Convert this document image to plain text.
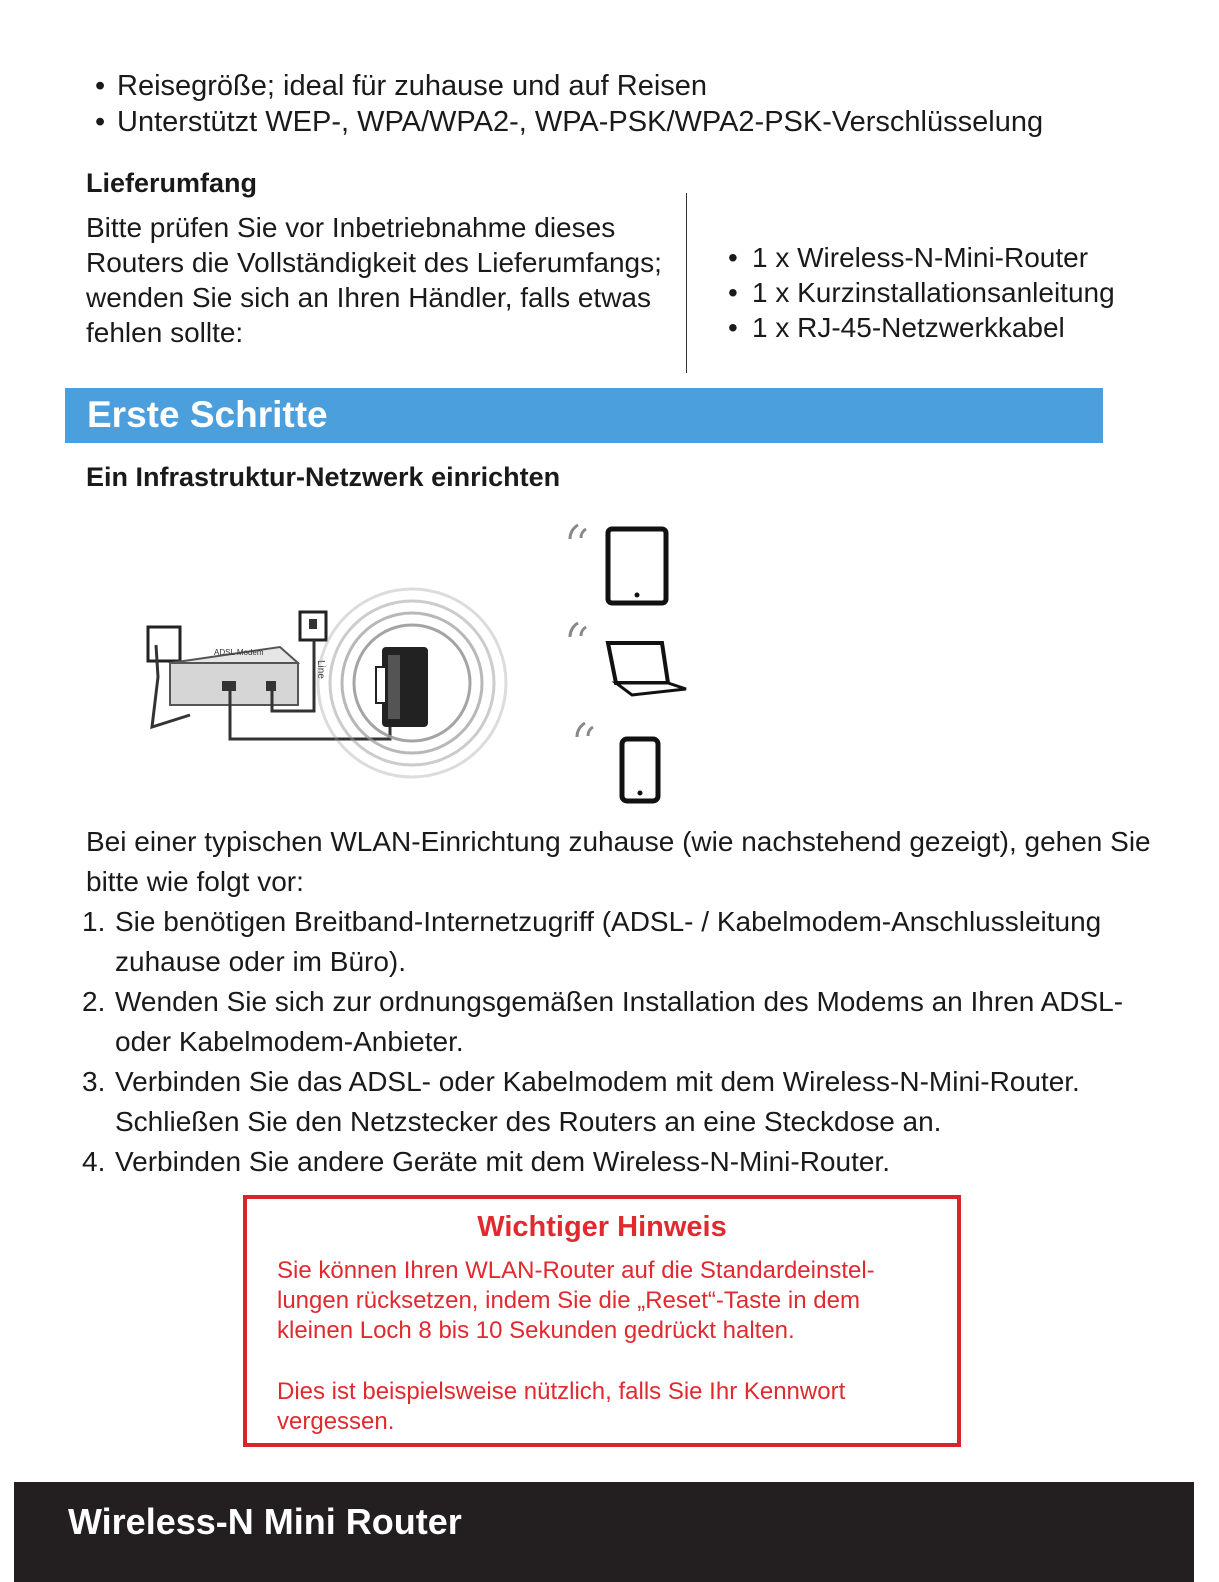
• Reisegröße; ideal für zuhause und auf Reisen
• Unterstützt WEP-, WPA/WPA2-, WPA-PSK/WPA2-PSK-Verschlüsselung
Lieferumfang
Bitte prüfen Sie vor Inbetriebnahme dieses Routers die Vollständigkeit des Lieferumfangs; wenden Sie sich an Ihren Händler, falls etwas fehlen sollte:
• 1 x Wireless-N-Mini-Router
• 1 x Kurzinstallationsanleitung
• 1 x RJ-45-Netzwerkkabel
Erste Schritte
Ein Infrastruktur-Netzwerk einrichten
ADSL Modem
Line
Bei einer typischen WLAN-Einrichtung zuhause (wie nachstehend gezeigt), gehen Sie bitte wie folgt vor:
1. Sie benötigen Breitband-Internetzugriff (ADSL- / Kabelmodem-Anschlussleitung zuhause oder im Büro).
2. Wenden Sie sich zur ordnungsgemäßen Installation des Modems an Ihren ADSL- oder Kabelmodem-Anbieter.
3. Verbinden Sie das ADSL- oder Kabelmodem mit dem Wireless-N-Mini-Router. Schließen Sie den Netzstecker des Routers an eine Steckdose an.
4. Verbinden Sie andere Geräte mit dem Wireless-N-Mini-Router.
Wichtiger Hinweis
Sie können Ihren WLAN-Router auf die Standardeinstel-lungen rücksetzen, indem Sie die „Reset“-Taste in dem kleinen Loch 8 bis 10 Sekunden gedrückt halten.
Dies ist beispielsweise nützlich, falls Sie Ihr Kennwort vergessen.
Wireless-N Mini Router
